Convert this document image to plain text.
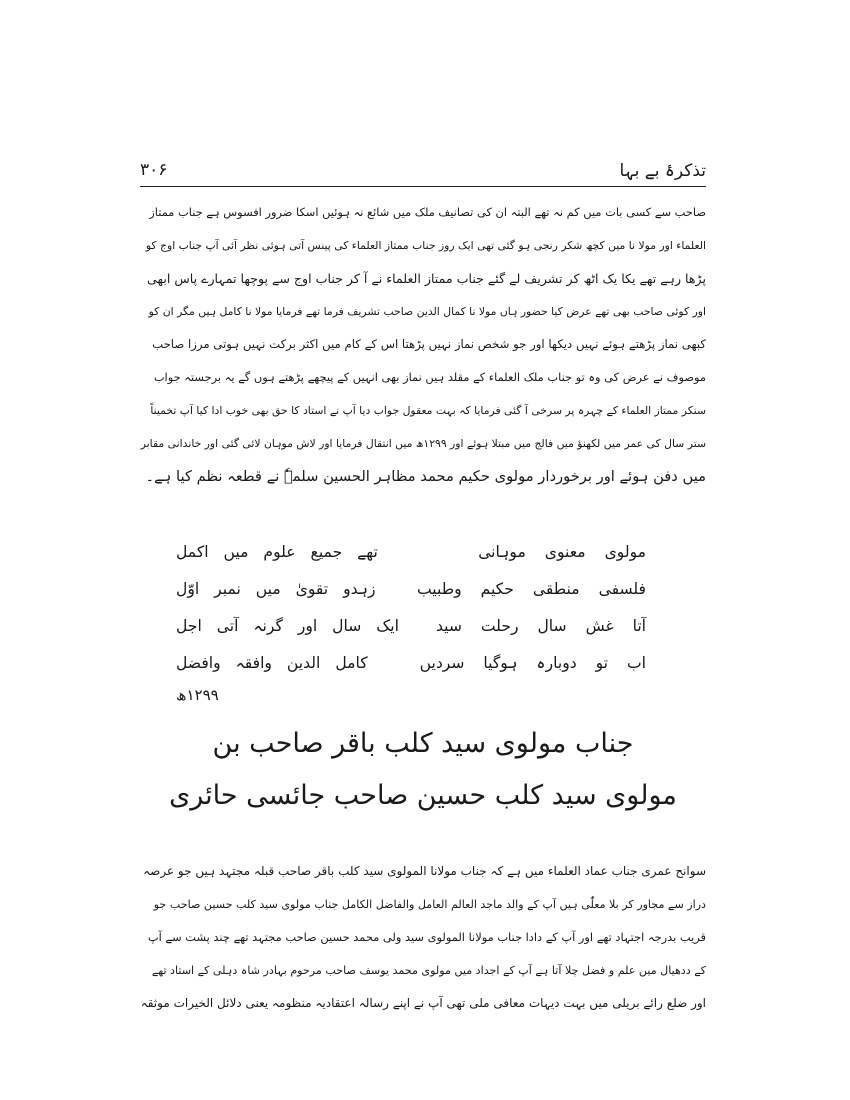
تذکرۂ بے بہا
۳۰۶
صاحب سے کسی بات میں کم نہ تھے البتہ ان کی تصانیف ملک میں شائع نہ ہوئیں اسکا ضرور افسوس ہے جناب ممتاز
العلماء اور مولا نا میں کچھ شکر رنجی ہو گئی تھی ایک روز جناب ممتاز العلماء کی پینس آتی ہوئی نظر آئی آپ جناب اوج کو
پڑھا رہے تھے یکا یک اٹھ کر تشریف لے گئے جناب ممتاز العلماء نے آ کر جناب اوج سے پوچھا تمہارے پاس ابھی
اور کوئی صاحب بھی تھے عرض کیا حضور ہاں مولا نا کمال الدین صاحب تشریف فرما تھے فرمایا مولا نا کامل ہیں مگر ان کو
کبھی نماز پڑھتے ہوئے نہیں دیکھا اور جو شخص نماز نہیں پڑھتا اس کے کام میں اکثر برکت نہیں ہوتی مرزا صاحب
موصوف نے عرض کی وہ تو جناب ملک العلماء کے مقلد ہیں نماز بھی انہیں کے پیچھے پڑھتے ہوں گے یہ برجستہ جواب
سنکر ممتاز العلماء کے چہرہ پر سرخی آ گئی فرمایا کہ بہت معقول جواب دیا آپ نے استاد کا حق بھی خوب ادا کیا آپ تخمیناً
ستر سال کی عمر میں لکھنؤ میں فالج میں مبتلا ہوئے اور ۱۲۹۹ھ میں انتقال فرمایا اور لاش موہان لائی گئی اور خاندانی مقابر
میں دفن ہوئے اور برخوردار مولوی حکیم محمد مظاہر الحسین سلمہٗ نے قطعہ نظم کیا ہے۔
مولوی معنوی موہانی
تھے جمیع علوم میں اکمل
فلسفی منطقی حکیم وطبیب
زہدو تقویٰ میں نمبر اوّل
آتا غش سال رحلت سید
ایک سال اور گرنہ آتی اجل
اب تو دوبارہ ہوگیا سردیں
کامل الدین وافقہ وافضل
۱۲۹۹ھ
جناب مولوی سید کلب باقر صاحب بن
مولوی سید کلب حسین صاحب جائسی حائری
سوانح عمری جناب عماد العلماء میں ہے کہ جناب مولانا المولوی سید کلب باقر صاحب قبلہ مجتہد ہیں جو عرصہ
دراز سے مجاور کر بلا معلّٰی ہیں آپ کے والد ماجد العالم العامل والفاضل الکامل جناب مولوی سید کلب حسین صاحب جو
قریب بدرجہ اجتہاد تھے اور آپ کے دادا جناب مولانا المولوی سید ولی محمد حسین صاحب مجتہد تھے چند پشت سے آپ
کے ددھیال میں علم و فضل چلا آتا ہے آپ کے اجداد میں مولوی محمد یوسف صاحب مرحوم بہادر شاہ دہلی کے استاد تھے
اور ضلع رائے بریلی میں بہت دیہات معافی ملی تھی آپ نے اپنے رسالہ اعتقادیہ منظومہ یعنی دلائل الخیرات موثقہ
